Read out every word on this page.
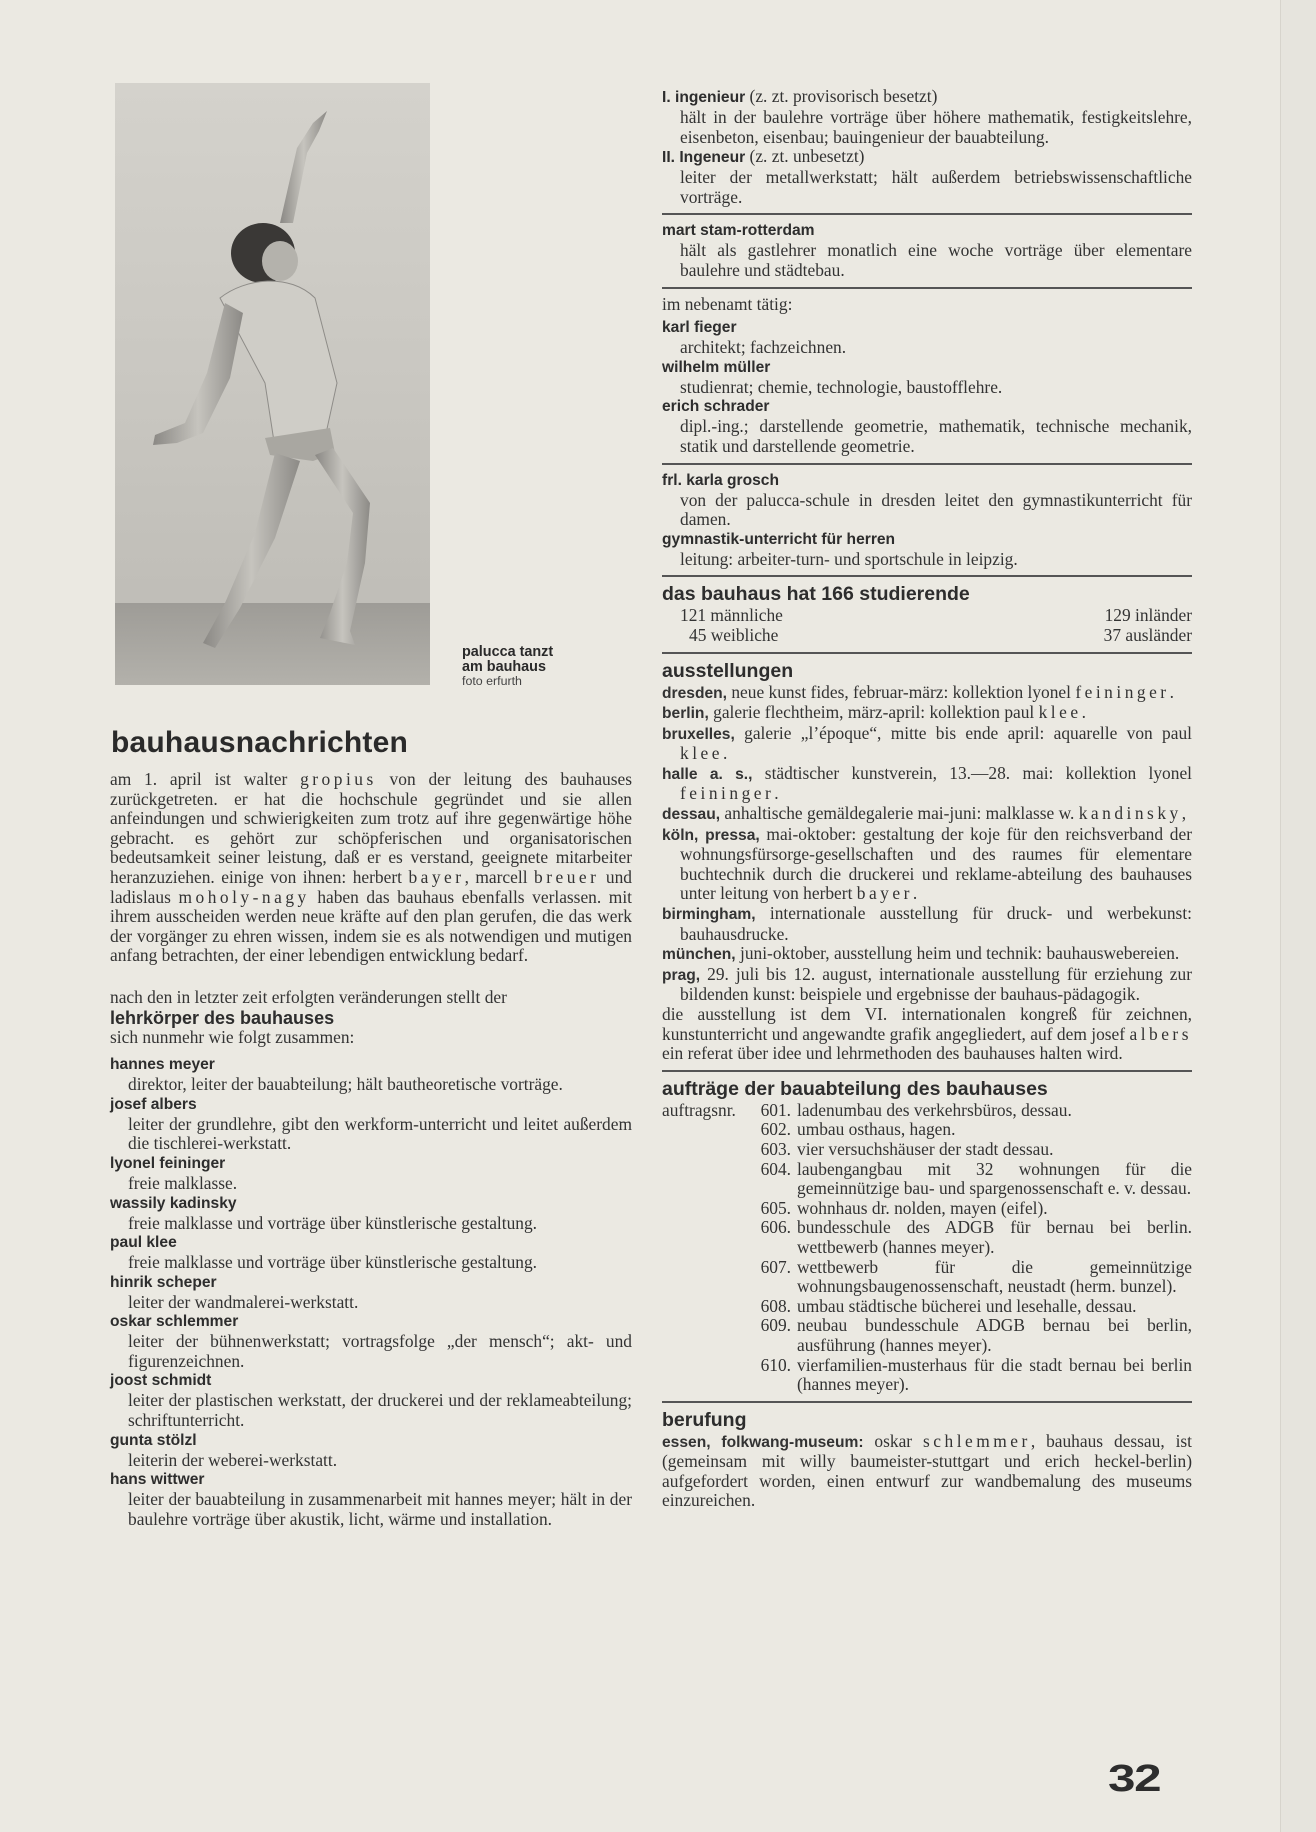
palucca tanzt
am bauhaus
foto erfurth
bauhausnachrichten
am 1. april ist walter gropius von der leitung des bauhauses zurückgetreten. er hat die hochschule gegründet und sie allen anfeindungen und schwierigkeiten zum trotz auf ihre gegenwärtige höhe gebracht. es gehört zur schöpferischen und organisatorischen bedeutsamkeit seiner leistung, daß er es verstand, geeignete mitarbeiter heranzuziehen. einige von ihnen: herbert bayer, marcell breuer und ladislaus moholy-nagy haben das bauhaus ebenfalls verlassen. mit ihrem ausscheiden werden neue kräfte auf den plan gerufen, die das werk der vorgänger zu ehren wissen, indem sie es als notwendigen und mutigen anfang betrachten, der einer lebendigen entwicklung bedarf.
nach den in letzter zeit erfolgten veränderungen stellt der
lehrkörper des bauhauses
sich nunmehr wie folgt zusammen:
hannes meyer
direktor, leiter der bauabteilung; hält bautheoretische vorträge.
josef albers
leiter der grundlehre, gibt den werkform-unterricht und leitet außerdem die tischlerei-werkstatt.
lyonel feininger
freie malklasse.
wassily kadinsky
freie malklasse und vorträge über künstlerische gestaltung.
paul klee
freie malklasse und vorträge über künstlerische gestaltung.
hinrik scheper
leiter der wandmalerei-werkstatt.
oskar schlemmer
leiter der bühnenwerkstatt; vortragsfolge „der mensch“; akt- und figurenzeichnen.
joost schmidt
leiter der plastischen werkstatt, der druckerei und der reklameabteilung; schriftunterricht.
gunta stölzl
leiterin der weberei-werkstatt.
hans wittwer
leiter der bauabteilung in zusammenarbeit mit hannes meyer; hält in der baulehre vorträge über akustik, licht, wärme und installation.
I. ingenieur (z. zt. provisorisch besetzt)
hält in der baulehre vorträge über höhere mathematik, festigkeitslehre, eisenbeton, eisenbau; bauingenieur der bauabteilung.
II. Ingeneur (z. zt. unbesetzt)
leiter der metallwerkstatt; hält außerdem betriebswissenschaftliche vorträge.
mart stam-rotterdam
hält als gastlehrer monatlich eine woche vorträge über elementare baulehre und städtebau.
im nebenamt tätig:
karl fieger
architekt; fachzeichnen.
wilhelm müller
studienrat; chemie, technologie, baustofflehre.
erich schrader
dipl.-ing.; darstellende geometrie, mathematik, technische mechanik, statik und darstellende geometrie.
frl. karla grosch
von der palucca-schule in dresden leitet den gymnastikunterricht für damen.
gymnastik-unterricht für herren
leitung: arbeiter-turn- und sportschule in leipzig.
das bauhaus hat 166 studierende
121 männliche	129 inländer
45 weibliche	37 ausländer
ausstellungen
dresden, neue kunst fides, februar-märz: kollektion lyonel feininger.
berlin, galerie flechtheim, märz-april: kollektion paul klee.
bruxelles, galerie „l’époque“, mitte bis ende april: aquarelle von paul klee.
halle a. s., städtischer kunstverein, 13.—28. mai: kollektion lyonel feininger.
dessau, anhaltische gemäldegalerie mai-juni: malklasse w. kandinsky,
köln, pressa, mai-oktober: gestaltung der koje für den reichsverband der wohnungsfürsorge-gesellschaften und des raumes für elementare buchtechnik durch die druckerei und reklame-abteilung des bauhauses unter leitung von herbert bayer.
birmingham, internationale ausstellung für druck- und werbekunst: bauhausdrucke.
münchen, juni-oktober, ausstellung heim und technik: bauhauswebereien.
prag, 29. juli bis 12. august, internationale ausstellung für erziehung zur bildenden kunst: beispiele und ergebnisse der bauhaus-pädagogik.
die ausstellung ist dem VI. internationalen kongreß für zeichnen, kunstunterricht und angewandte grafik angegliedert, auf dem josef albers ein referat über idee und lehrmethoden des bauhauses halten wird.
aufträge der bauabteilung des bauhauses
auftragsnr.	601. ladenumbau des verkehrsbüros, dessau.
602. umbau osthaus, hagen.
603. vier versuchshäuser der stadt dessau.
604. laubengangbau mit 32 wohnungen für die gemeinnützige bau- und spargenossenschaft e. v. dessau.
605. wohnhaus dr. nolden, mayen (eifel).
606. bundesschule des ADGB für bernau bei berlin. wettbewerb (hannes meyer).
607. wettbewerb für die gemeinnützige wohnungsbaugenossenschaft, neustadt (herm. bunzel).
608. umbau städtische bücherei und lesehalle, dessau.
609. neubau bundesschule ADGB bernau bei berlin, ausführung (hannes meyer).
610. vierfamilien-musterhaus für die stadt bernau bei berlin (hannes meyer).
berufung
essen, folkwang-museum: oskar schlemmer, bauhaus dessau, ist (gemeinsam mit willy baumeister-stuttgart und erich heckel-berlin) aufgefordert worden, einen entwurf zur wandbemalung des museums einzureichen.
32
